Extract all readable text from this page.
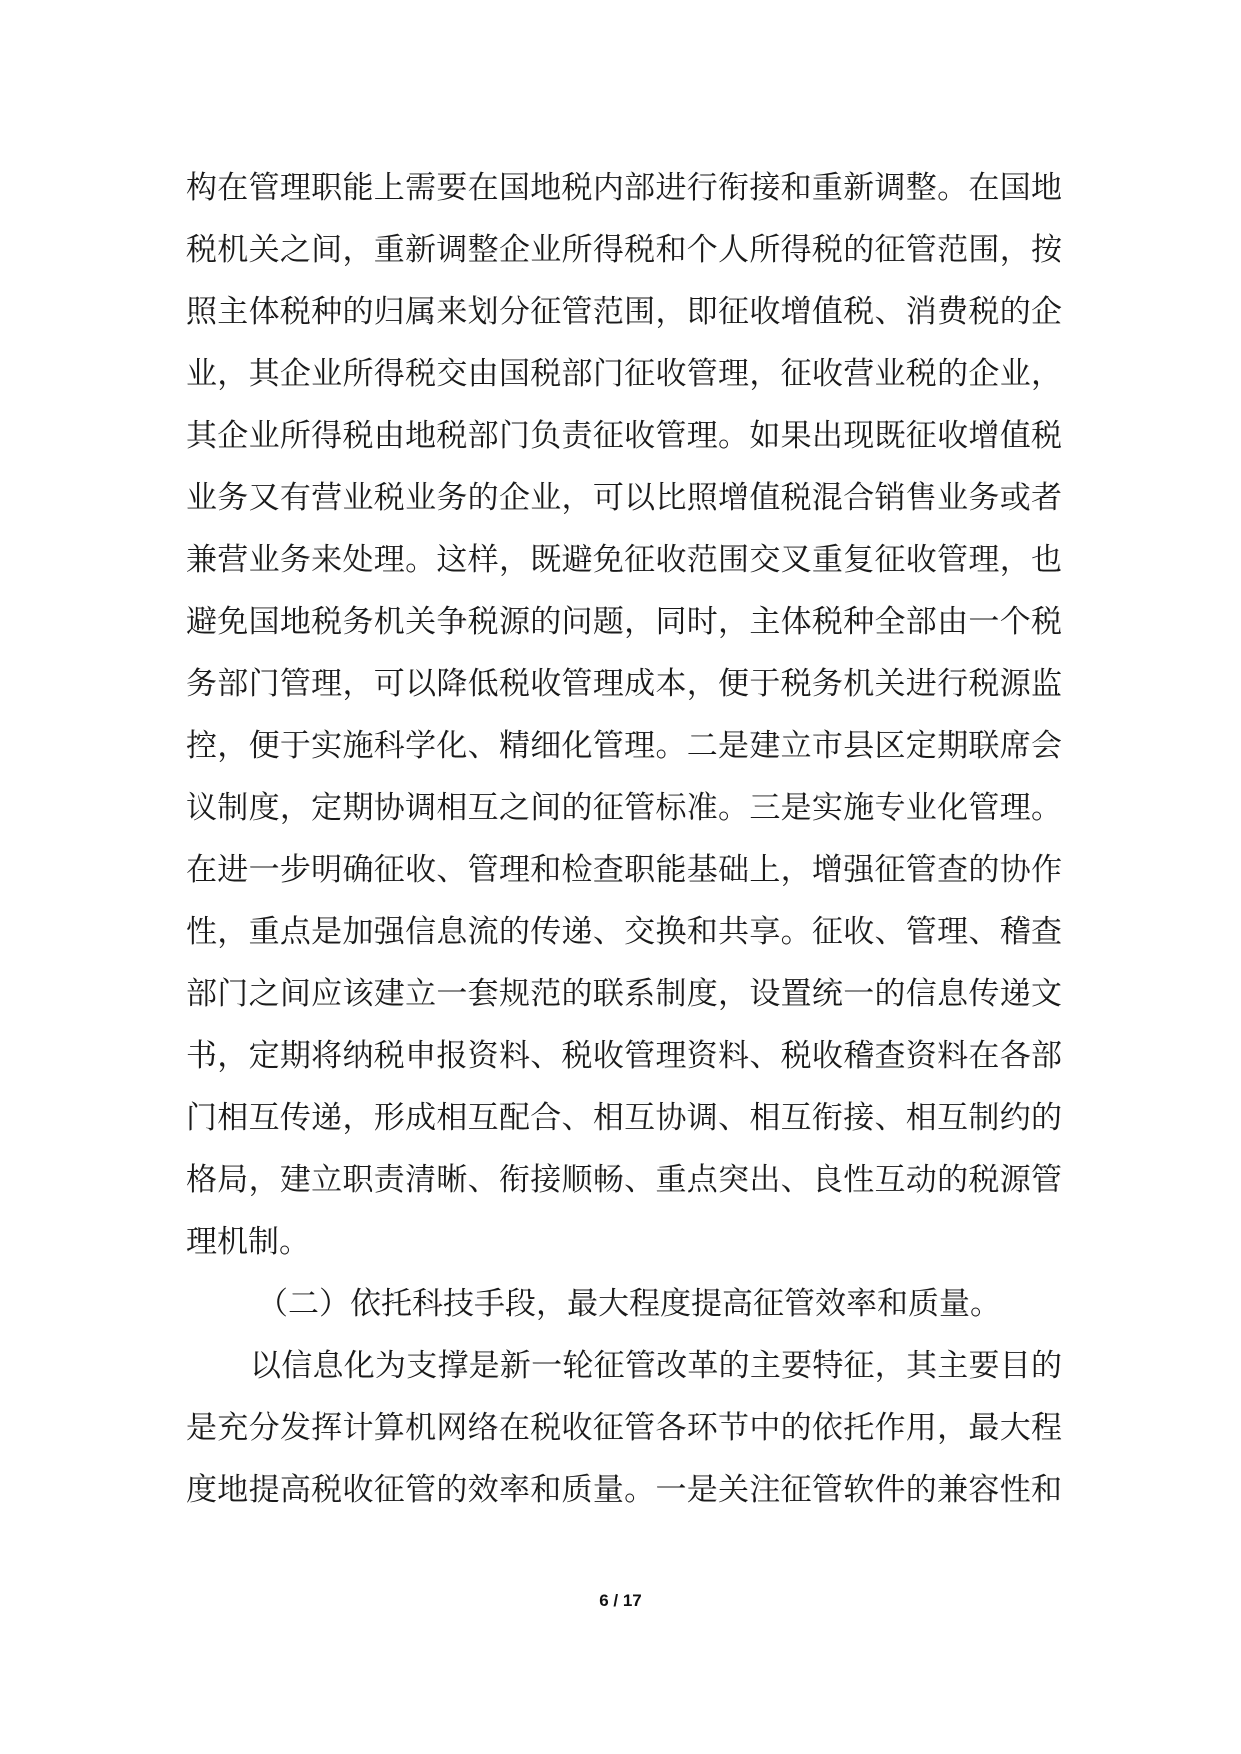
构在管理职能上需要在国地税内部进行衔接和重新调整。在国地
税机关之间，重新调整企业所得税和个人所得税的征管范围，按
照主体税种的归属来划分征管范围，即征收增值税、消费税的企
业，其企业所得税交由国税部门征收管理，征收营业税的企业，
其企业所得税由地税部门负责征收管理。如果出现既征收增值税
业务又有营业税业务的企业，可以比照增值税混合销售业务或者
兼营业务来处理。这样，既避免征收范围交叉重复征收管理，也
避免国地税务机关争税源的问题，同时，主体税种全部由一个税
务部门管理，可以降低税收管理成本，便于税务机关进行税源监
控，便于实施科学化、精细化管理。二是建立市县区定期联席会
议制度，定期协调相互之间的征管标准。三是实施专业化管理。
在进一步明确征收、管理和检查职能基础上，增强征管查的协作
性，重点是加强信息流的传递、交换和共享。征收、管理、稽查
部门之间应该建立一套规范的联系制度，设置统一的信息传递文
书，定期将纳税申报资料、税收管理资料、税收稽查资料在各部
门相互传递，形成相互配合、相互协调、相互衔接、相互制约的
格局，建立职责清晰、衔接顺畅、重点突出、良性互动的税源管
理机制。
（二）依托科技手段，最大程度提高征管效率和质量。
以信息化为支撑是新一轮征管改革的主要特征，其主要目的
是充分发挥计算机网络在税收征管各环节中的依托作用，最大程
度地提高税收征管的效率和质量。一是关注征管软件的兼容性和
6 / 17
